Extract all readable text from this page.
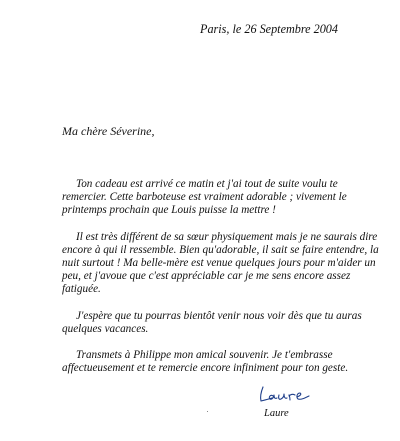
Paris, le 26 Septembre 2004
Ma chère Séverine,

Ton cadeau est arrivé ce matin et j'ai tout de suite voulu te
remercier. Cette barboteuse est vraiment adorable ; vivement le
printemps prochain que Louis puisse la mettre !

Il est très différent de sa sœur physiquement mais je ne saurais dire
encore à qui il ressemble. Bien qu'adorable, il sait se faire entendre, la
nuit surtout ! Ma belle-mère est venue quelques jours pour m'aider un
peu, et j'avoue que c'est appréciable car je me sens encore assez
fatiguée.

J'espère que tu pourras bientôt venir nous voir dès que tu auras
quelques vacances.

Transmets à Philippe mon amical souvenir. Je t'embrasse
affectueusement et te remercie encore infiniment pour ton geste.

Laure
